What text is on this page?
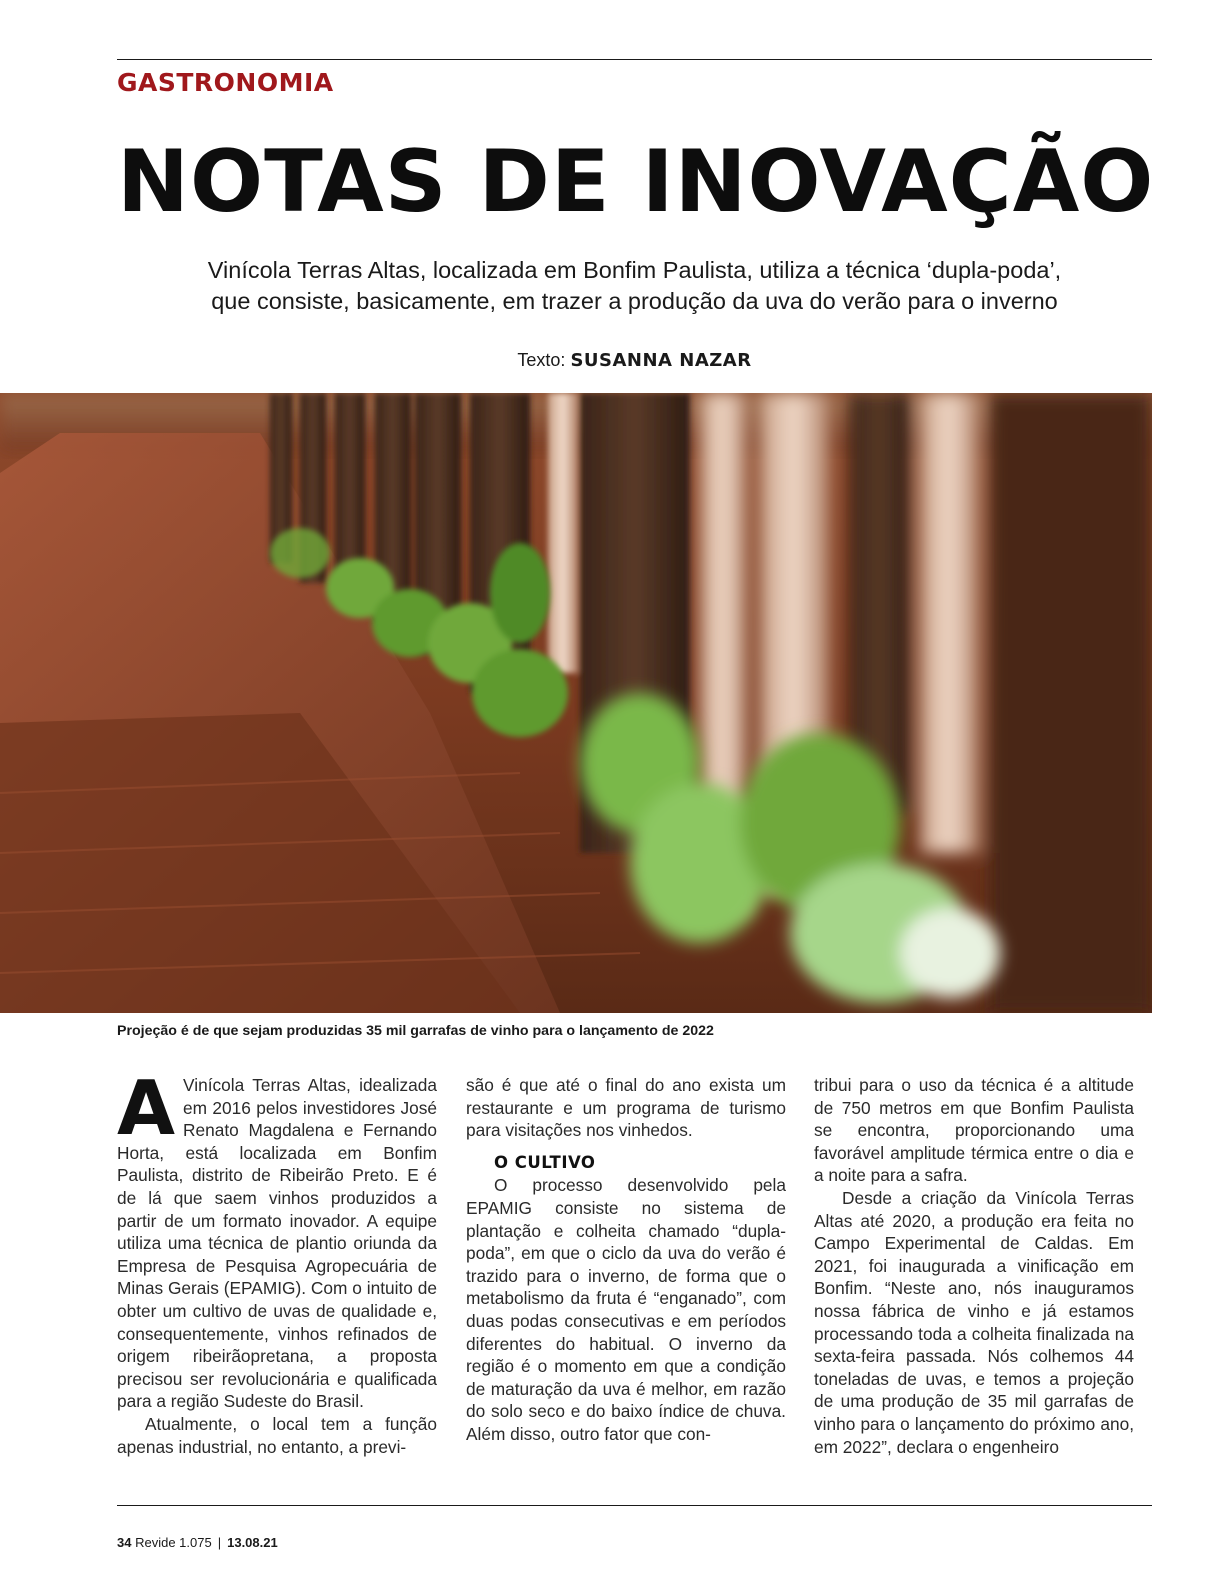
GASTRONOMIA
NOTAS DE INOVAÇÃO
Vinícola Terras Altas, localizada em Bonfim Paulista, utiliza a técnica ‘dupla-poda’,
que consiste, basicamente, em trazer a produção da uva do verão para o inverno
Texto: SUSANNA NAZAR
Projeção é de que sejam produzidas 35 mil garrafas de vinho para o lançamento de 2022

A Vinícola Terras Altas, idealizada em 2016 pelos investidores José Renato Magdalena e Fernando Horta, está localizada em Bonfim Paulista, distrito de Ribeirão Preto. E é de lá que saem vinhos produzidos a partir de um formato inovador. A equipe utiliza uma técnica de plantio oriunda da Empresa de Pesquisa Agropecuária de Minas Gerais (EPAMIG). Com o intuito de obter um cultivo de uvas de qualidade e, consequentemente, vinhos refinados de origem ribeirãopretana, a proposta precisou ser revolucionária e qualificada para a região Sudeste do Brasil.

Atualmente, o local tem a função apenas industrial, no entanto, a previ-

são é que até o final do ano exista um restaurante e um programa de turismo para visitações nos vinhedos.

O CULTIVO

O processo desenvolvido pela EPAMIG consiste no sistema de plantação e colheita chamado “dupla-poda”, em que o ciclo da uva do verão é trazido para o inverno, de forma que o metabolismo da fruta é “enganado”, com duas podas consecutivas e em períodos diferentes do habitual. O inverno da região é o momento em que a condição de maturação da uva é melhor, em razão do solo seco e do baixo índice de chuva. Além disso, outro fator que con-

tribui para o uso da técnica é a altitude de 750 metros em que Bonfim Paulista se encontra, proporcionando uma favorável amplitude térmica entre o dia e a noite para a safra.

Desde a criação da Vinícola Terras Altas até 2020, a produção era feita no Campo Experimental de Caldas. Em 2021, foi inaugurada a vinificação em Bonfim. “Neste ano, nós inauguramos nossa fábrica de vinho e já estamos processando toda a colheita finalizada na sexta-feira passada. Nós colhemos 44 toneladas de uvas, e temos a projeção de uma produção de 35 mil garrafas de vinho para o lançamento do próximo ano, em 2022”, declara o engenheiro

34 Revide 1.075 | 13.08.21
